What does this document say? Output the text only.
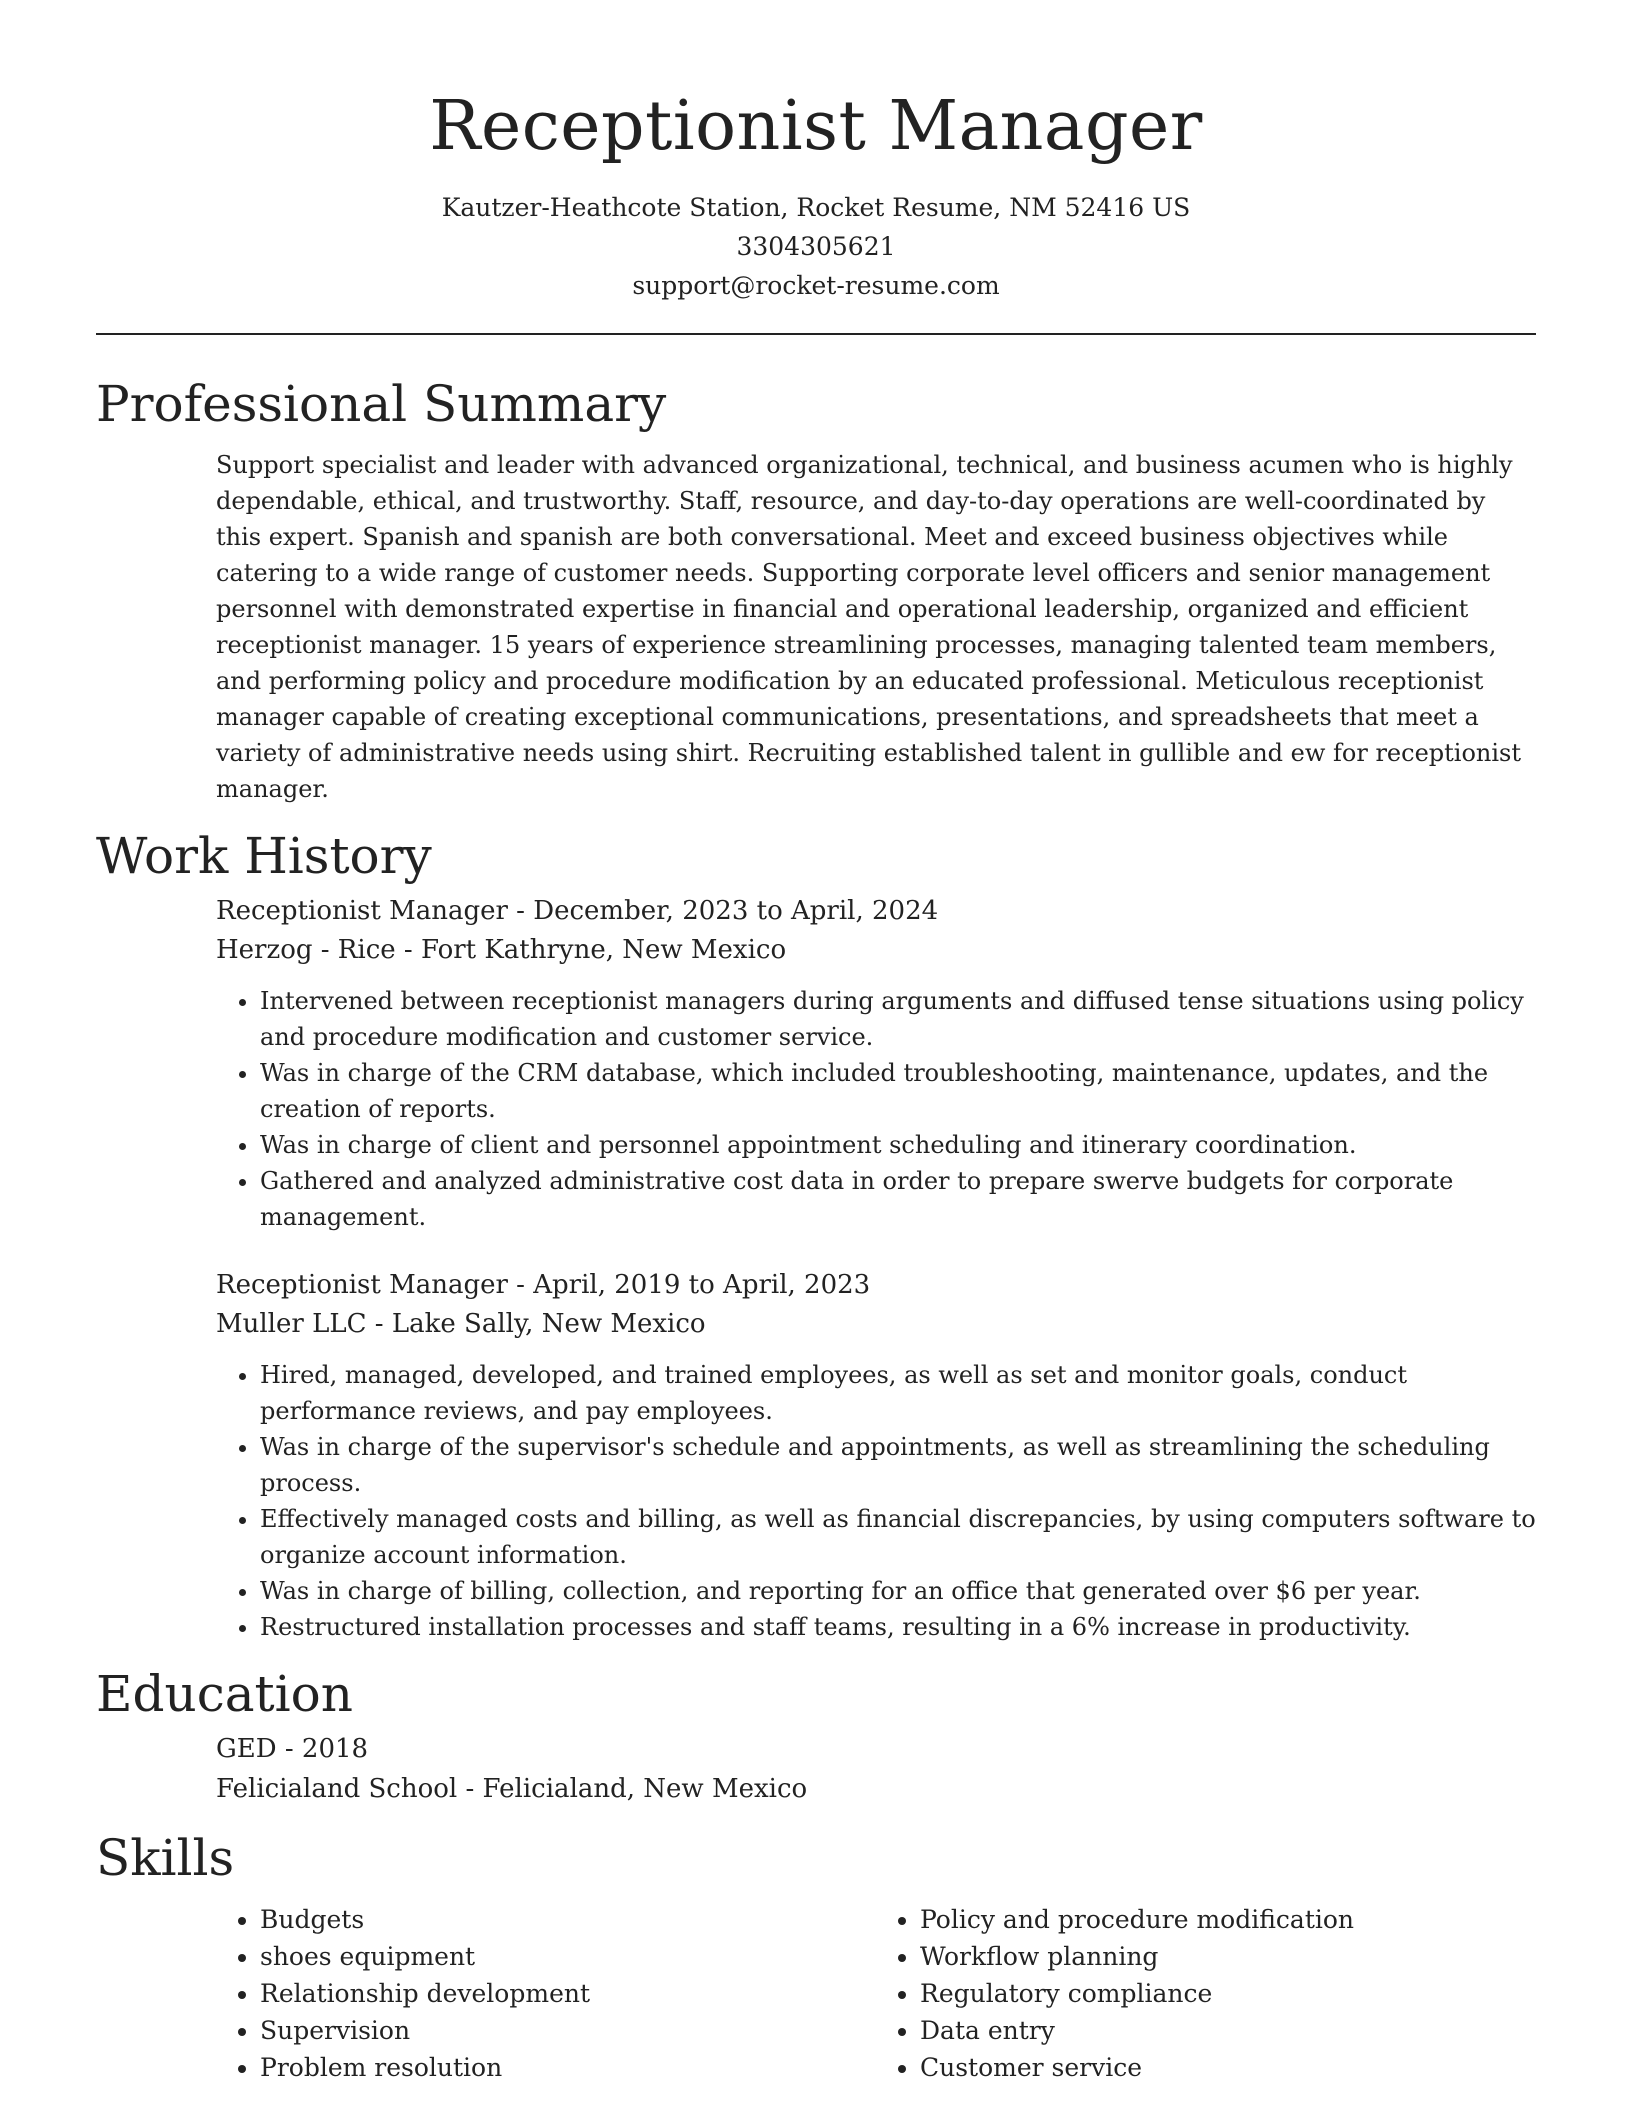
Receptionist Manager
Kautzer-Heathcote Station, Rocket Resume, NM 52416 US
3304305621
support@rocket-resume.com
Professional Summary
Support specialist and leader with advanced organizational, technical, and business acumen who is highly dependable, ethical, and trustworthy. Staff, resource, and day-to-day operations are well-coordinated by this expert. Spanish and spanish are both conversational. Meet and exceed business objectives while catering to a wide range of customer needs. Supporting corporate level officers and senior management personnel with demonstrated expertise in financial and operational leadership, organized and efficient receptionist manager. 15 years of experience streamlining processes, managing talented team members, and performing policy and procedure modification by an educated professional. Meticulous receptionist manager capable of creating exceptional communications, presentations, and spreadsheets that meet a variety of administrative needs using shirt. Recruiting established talent in gullible and ew for receptionist manager.
Work History
Receptionist Manager - December, 2023 to April, 2024
Herzog - Rice - Fort Kathryne, New Mexico
• Intervened between receptionist managers during arguments and diffused tense situations using policy and procedure modification and customer service.
• Was in charge of the CRM database, which included troubleshooting, maintenance, updates, and the creation of reports.
• Was in charge of client and personnel appointment scheduling and itinerary coordination.
• Gathered and analyzed administrative cost data in order to prepare swerve budgets for corporate management.
Receptionist Manager - April, 2019 to April, 2023
Muller LLC - Lake Sally, New Mexico
• Hired, managed, developed, and trained employees, as well as set and monitor goals, conduct performance reviews, and pay employees.
• Was in charge of the supervisor's schedule and appointments, as well as streamlining the scheduling process.
• Effectively managed costs and billing, as well as financial discrepancies, by using computers software to organize account information.
• Was in charge of billing, collection, and reporting for an office that generated over $6 per year.
• Restructured installation processes and staff teams, resulting in a 6% increase in productivity.
Education
GED - 2018
Felicialand School - Felicialand, New Mexico
Skills
• Budgets
• shoes equipment
• Relationship development
• Supervision
• Problem resolution
• Policy and procedure modification
• Workflow planning
• Regulatory compliance
• Data entry
• Customer service
